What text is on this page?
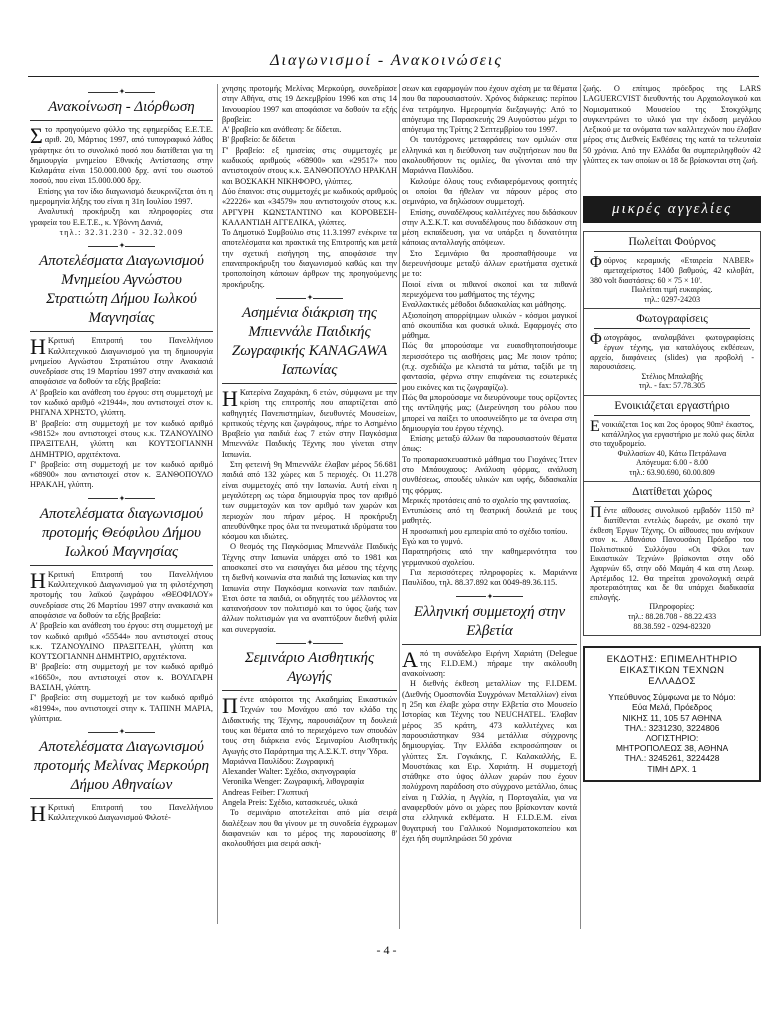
Διαγωνισμοί - Ανακοινώσεις
✦
Ανακοίνωση - Διόρθωση

Στο προηγούμενο φύλλο της εφημερίδας Ε.Ε.Τ.Ε. αριθ. 20, Μάρτιος 1997, από τυπογραφικό λάθος γράφτηκε ότι το συνολικό ποσό που διατίθεται για τη δημιουργία μνημείου Εθνικής Αντίστασης στην Καλαμάτα είναι 150.000.000 δρχ. αντί του σωστού ποσού, που είναι 15.000.000 δρχ.

Επίσης για τον ίδιο διαγωνισμό διευκρινίζεται ότι η ημερομηνία λήξης του είναι η 31η Ιουλίου 1997.

Αναλυτική προκήρυξη και πληροφορίες στα γραφεία του Ε.Ε.Τ.Ε., κ. Υβόννη Δανιά,

τηλ.: 32.31.230 - 32.32.009

✦
Αποτελέσματα Διαγωνισμού Μνημείου Αγνώστου Στρατιώτη Δήμου Ιωλκού Μαγνησίας

Η Κριτική Επιτροπή του Πανελλήνιου Καλλιτεχνικού Διαγωνισμού για τη δημιουργία μνημείου Αγνώστου Στρατιώτου στην Ανακασιά συνεδρίασε στις 19 Μαρτίου 1997 στην ανακασιά και αποφάσισε να δοθούν τα εξής βραβεία:

Α' βραβείο και ανάθεση του έργου: στη συμμετοχή με τον κωδικό αριθμό «21944», που αντιστοιχεί στον κ. ΡΗΓΑΝΑ ΧΡΗΣΤΟ, γλύπτη.

Β' βραβείο: στη συμμετοχή με τον κωδικό αριθμό «98152» που αντιστοιχεί στους κ.κ. ΤΖΑΝΟΥΛΙΝΟ ΠΡΑΞΙΤΕΛΗ, γλύπτη και ΚΟΥΤΣΟΓΙΑΝΝΗ ΔΗΜΗΤΡΙΟ, αρχιτέκτονα.

Γ' βραβείο: στη συμμετοχή με τον κωδικό αριθμό «68900» που αντιστοιχεί στον κ. ΞΑΝΘΟΠΟΥΛΟ ΗΡΑΚΛΗ, γλύπτη.

✦
Αποτελέσματα διαγωνισμού προτομής Θεόφιλου Δήμου Ιωλκού Μαγνησίας

Η Κριτική Επιτροπή του Πανελλήνιου Καλλιτεχνικού Διαγωνισμού για τη φιλοτέχνηση προτομής του λαϊκού ζωγράφου «ΘΕΟΦΙΛΟΥ» συνεδρίασε στις 26 Μαρτίου 1997 στην ανακασιά και αποφάσισε να δοθούν τα εξής βραβεία:

Α' βραβείο και ανάθεση του έργου: στη συμμετοχή με τον κωδικό αριθμό «55544» που αντιστοιχεί στους κ.κ. ΤΖΑΝΟΥΛΙΝΟ ΠΡΑΞΙΤΕΛΗ, γλύπτη και ΚΟΥΤΣΟΓΙΑΝΝΗ ΔΗΜΗΤΡΙΟ, αρχιτέκτονα.

Β' βραβείο: στη συμμετοχή με τον κωδικό αριθμό «16650», που αντιστοιχεί στον κ. ΒΟΥΛΓΑΡΗ ΒΑΣΙΛΗ, γλύπτη.

Γ' βραβείο: στη συμμετοχή με τον κωδικό αριθμό «81994», που αντιστοιχεί στην κ. ΤΑΠΙΝΗ ΜΑΡΙΑ, γλύπτρια.

✦
Αποτελέσματα Διαγωνισμού προτομής Μελίνας Μερκούρη Δήμου Αθηναίων

Η Κριτική Επιτροπή του Πανελλήνιου Καλλιτεχνικού Διαγωνισμού Φιλοτέ-

χνησης προτομής Μελίνας Μερκούρη, συνεδρίασε στην Αθήνα, στις 19 Δεκεμβρίου 1996 και στις 14 Ιανουαρίου 1997 και αποφάσισε να δοθούν τα εξής βραβεία:

Α' βραβείο και ανάθεση: δε δίδεται.

Β' βραβείο: δε δίδεται

Γ' βραβείο: εξ ημισείας στις συμμετοχές με κωδικούς αριθμούς «68900» και «29517» που αντιστοιχούν στους κ.κ. ΞΑΝΘΟΠΟΥΛΟ ΗΡΑΚΛΗ και ΒΟΣΚΑΚΗ ΝΙΚΗΦΟΡΟ, γλύπτες.

Δύο έπαινοι: στις συμμετοχές με κωδικούς αριθμούς «22226» και «34579» που αντιστοιχούν στους κ.κ. ΑΡΓΥΡΗ ΚΩΝΣΤΑΝΤΙΝΟ και ΚΟΡΟΒΕΣΗ-ΚΑΛΑΝΤΙΔΗ ΑΓΓΕΛΙΚΑ, γλύπτες.

Το Δημοτικό Συμβούλιο στις 11.3.1997 ενέκρινε τα αποτελέσματα και πρακτικά της Επιτροπής και μετά την σχετική εισήγηση της, αποφάσισε την επαναπροκήρυξη του διαγωνισμού καθώς και την τροποποίηση κάποιων άρθρων της προηγούμενης προκήρυξης.

✦
Ασημένια διάκριση της Μπιεννάλε Παιδικής Ζωγραφικής KANAGAWA Ιαπωνίας

Η Κατερίνα Ζαχαράκη, 6 ετών, σύμφωνα με την κρίση της επιτροπής που απαρτίζεται από καθηγητές Πανεπιστημίων, διευθυντές Μουσείων, κριτικούς τέχνης και ζωγράφους, πήρε το Ασημένιο Βραβείο για παιδιά έως 7 ετών στην Παγκόσμια Μπιεννάλε Παιδικής Τέχνης που γίνεται στην Ιαπωνία.

Στη φετεινή 9η Μπιεννάλε έλαβαν μέρος 56.681 παιδιά από 132 χώρες και 5 περιοχές. Οι 11.278 είναι συμμετοχές από την Ιαπωνία. Αυτή είναι η μεγαλύτερη ως τώρα δημιουργία προς τον αριθμό των συμμετοχών και τον αριθμό των χωρών και περιοχών που πήραν μέρος. Η προκήρυξη απευθύνθηκε προς όλα τα πνευματικά ιδρύματα του κόσμου και ιδιώτες.

Ο θεσμός της Παγκόσμιας Μπιεννάλε Παιδικής Τέχνης στην Ιαπωνία υπάρχει από το 1981 και αποσκοπεί στο να εισαγάγει δια μέσου της τέχνης τη διεθνή κοινωνία στα παιδιά της Ιαπωνίας και την Ιαπωνία στην Παγκόσμια κοινωνία των παιδιών. Έτσι όστε τα παιδιά, οι οδηγητές του μέλλοντος να κατανοήσουν τον πολιτισμό και το ύφος ζωής των άλλων πολιτισμών για να αναπτύξουν διεθνή φιλία και συνεργασία.

✦
Σεμινάριο Αισθητικής Αγωγής

Πέντε απόφοιτοι της Ακαδημίας Εικαστικών Τεχνών του Μονάχου από τον κλάδο της Διδακτικής της Τέχνης, παρουσιάζουν τη δουλειά τους και θέματα από το περιεχόμενο των σπουδών τους στη διάρκεια ενός Σεμιναρίου Αισθητικής Αγωγής στο Παράρτημα της Α.Σ.Κ.Τ. στην Ύδρα.

Μαριάννα Παυλίδου: Ζωγραφική

Alexander Walter: Σχέδιο, σκηνογραφία

Veronika Wenger: Ζωγραφική, λιθογραφία

Andreas Feiber: Γλυπτική

Angela Preis: Σχέδιο, κατασκευές, υλικά

Το σεμινάριο αποτελείται από μία σειρά διαλέξεων που θα γίνουν με τη συνοδεία έγχρωμων διαφανειών και το μέρος της παρουσίασης θ' ακολουθήσει μια σειρά ασκή-

σεων και εφαρμογών που έχουν σχέση με τα θέματα που θα παρουσιαστούν. Χρόνος διάρκειας: περίπου ένα τετράμηνο. Ημερομηνία διεξαγωγής: Από το απόγευμα της Παρασκευής 29 Αυγούστου μέχρι το απόγευμα της Τρίτης 2 Σεπτεμβρίου του 1997.

Οι ταυτόχρονες μεταφράσεις των ομιλιών στα ελληνικά και η διεύθυνση των συζητήσεων που θα ακολουθήσουν τις ομιλίες, θα γίνονται από την Μαριάννα Παυλίδου.

Καλούμε όλους τους ενδιαφερόμενους φοιτητές οι οποίοι θα ήθελαν να πάρουν μέρος στο σεμινάριο, να δηλώσουν συμμετοχή.

Επίσης, συναδέλφους καλλιτέχνες που διδάσκουν στην Α.Σ.Κ.Τ. και συναδέλφους που διδάσκουν στη μέση εκπαίδευση, για να υπάρξει η δυνατότητα κάποιας ανταλλαγής απόψεων.

Στο Σεμινάριο θα προσπαθήσουμε να διερευνήσουμε μεταξύ άλλων ερωτήματα σχετικά με το:

Ποιοί είναι οι πιθανοί σκοποί και τα πιθανά περιεχόμενα του μαθήματος της τέχνης;

Εναλλακτικές μέθοδοι διδασκαλίας και μάθησης.

Αξιοποίηση απορρίψιμων υλικών - κόσμοι μαγικοί από σκουπίδια και φυσικά υλικά. Εφαρμογές στο μάθημα.

Πώς θα μπορούσαμε να ευαισθητοποιήσουμε περισσότερο τις αισθήσεις μας; Με ποιον τρόπο; (π.χ. σχεδιάζω με κλειστά τα μάτια, ταξίδι με τη φαντασία, φέρνω στην επιφάνεια τις εσωτερικές μου εικόνες και τις ζωγραφίζω).

Πώς θα μπορούσαμε να διευρύνουμε τους ορίζοντες της αντίληψής μας; (Διερεύνηση του ρόλου που μπορεί να παίξει το υποσυνείδητο με τα όνειρα στη δημιουργία του έργου τέχνης).

Επίσης μεταξύ άλλων θα παρουσιαστούν θέματα όπως:

Το προπαρασκευαστικό μάθημα του Γιοχάνες Ίττεν στο Μπάουχαους: Ανάλυση φόρμας, ανάλυση συνθέσεως, σπουδές υλικών και υφής, διδασκαλία της φόρμας.

Μερικές προτάσεις από το σχολείο της φαντασίας.

Εντυπώσεις από τη θεατρική δουλειά με τους μαθητές.

Η προσωπική μου εμπειρία από το σχέδιο τοπίου.

Εγώ και το γυμνό.

Παρατηρήσεις από την καθημερινότητα του γερμανικού σχολείου.

Για περισσότερες πληροφορίες κ. Μαριάννα Παυλίδου, τηλ. 88.37.892 και 0049-89.36.115.

✦
Ελληνική συμμετοχή στην Ελβετία

Από τη συνάδελφο Ειρήνη Χαριάτη (Delegue της F.I.D.EM.) πήραμε την ακόλουθη ανακοίνωση:

Η διεθνής έκθεση μεταλλίων της F.I.DEM. (Διεθνής Ομοσπονδία Συγχρόνων Μεταλλίων) είναι η 25η και έλαβε χώρα στην Ελβετία στο Μουσείο Ιστορίας και Τέχνης του NEUCHATEL. Έλαβαν μέρος 35 κράτη, 473 καλλιτέχνες και παρουσιάστηκαν 934 μετάλλια σύγχρονης δημιουργίας. Την Ελλάδα εκπροσώπησαν οι γλύπτες Σπ. Γογκάκης, Γ. Καλακαλλής, Ε. Μουστάκας και Ειρ. Χαριάτη. Η συμμετοχή στάθηκε στο ύψος άλλων χωρών που έχουν πολύχρονη παράδοση στο σύγχρονο μετάλλιο, όπως είναι η Γαλλία, η Αγγλία, η Πορτογαλία, για να αναφερθούν μόνο οι χώρες που βρίσκονταν κοντά στα ελληνικά εκθέματα. Η F.I.D.E.M. είναι θυγατρική του Γαλλικού Νομισματοκοπείου και έχει ήδη συμπληρώσει 50 χρόνια

ζωής. Ο επίτιμος πρόεδρος της LARS LAGUERCVIST διευθυντής του Αρχαιολογικού και Νομισματικού Μουσείου της Στοκχόλμης συγκεντρώνει το υλικό για την έκδοση μεγάλου Λεξικού με τα ονόματα των καλλιτεχνών που έλαβαν μέρος στις Διεθνείς Εκθέσεις της κατά τα τελευταία 50 χρόνια. Από την Ελλάδα θα συμπεριληφθούν 42 γλύπτες εκ των οποίων οι 18 δε βρίσκονται στη ζωή.

μικρές αγγελίες
Πωλείται Φούρνος

Φούρνος κεραμικής «Εταιρεία NABER» αμεταχείριστος 1400 βαθμούς, 42 κιλοβάτ, 380 volt διαστάσεις: 60 × 75 × 10'.

Πωλείται τιμή ευκαιρίας.

τηλ.: 0297-24203

Φωτογραφίσεις

Φωτογράφος, αναλαμβάνει φωτογραφίσεις έργων τέχνης, για καταλόγους εκθέσεων, αρχείο, διαφάνειες (slides) για προβολή - παρουσιάσεις.

Στέλιος Μπαλαβής

τηλ. - fax: 57.78.305

Ενοικιάζεται εργαστήριο

Ενοικιάζεται 1ος και 2ος όροφος 90m² έκαστος, κατάλληλος για εργαστήριο με πολύ φως δίπλα στο ταχυδρομείο.

Φυλλασίων 40, Κάτω Πετράλωνα

Απόγευμα: 6.00 - 8.00

τηλ.: 63.90.690, 60.00.809

Διατίθεται χώρος

Πέντε αίθουσες συνολικού εμβαδόν 1150 m² διατίθενται εντελώς δωρεάν, με σκοπό την έκθεση Έργων Τέχνης. Οι αίθουσες που ανήκουν στον κ. Αθανάσιο Πανουσάκη Πρόεδρο του Πολιτιστικού Συλλόγου «Οι Φίλοι των Εικαστικών Τεχνών» βρίσκονται στην οδό Αχαρνών 65, στην οδό Μαμάη 4 και στη Λεωφ. Αρτέμιδος 12. Θα τηρείται χρονολογική σειρά προτεραιότητας και δε θα υπάρχει διαδικασία επιλογής.

Πληροφορίες:

τηλ.: 88.28.708 - 88.22.433

88.38.592 - 0294-82320

ΕΚΔΟΤΗΣ: ΕΠΙΜΕΛΗΤΗΡΙΟ
ΕΙΚΑΣΤΙΚΩΝ ΤΕΧΝΩΝ
ΕΛΛΑΔΟΣ
Υπεύθυνος Σύμφωνα με το Νόμο:
Εύα Μελά, Πρόεδρος
ΝΙΚΗΣ 11, 105 57 ΑΘΗΝΑ
ΤΗΛ.: 3231230, 3224806
ΛΟΓΙΣΤΗΡΙΟ:
ΜΗΤΡΟΠΟΛΕΩΣ 38, ΑΘΗΝΑ
ΤΗΛ.: 3245261, 3224428
ΤΙΜΗ ΔΡΧ. 1
- 4 -
